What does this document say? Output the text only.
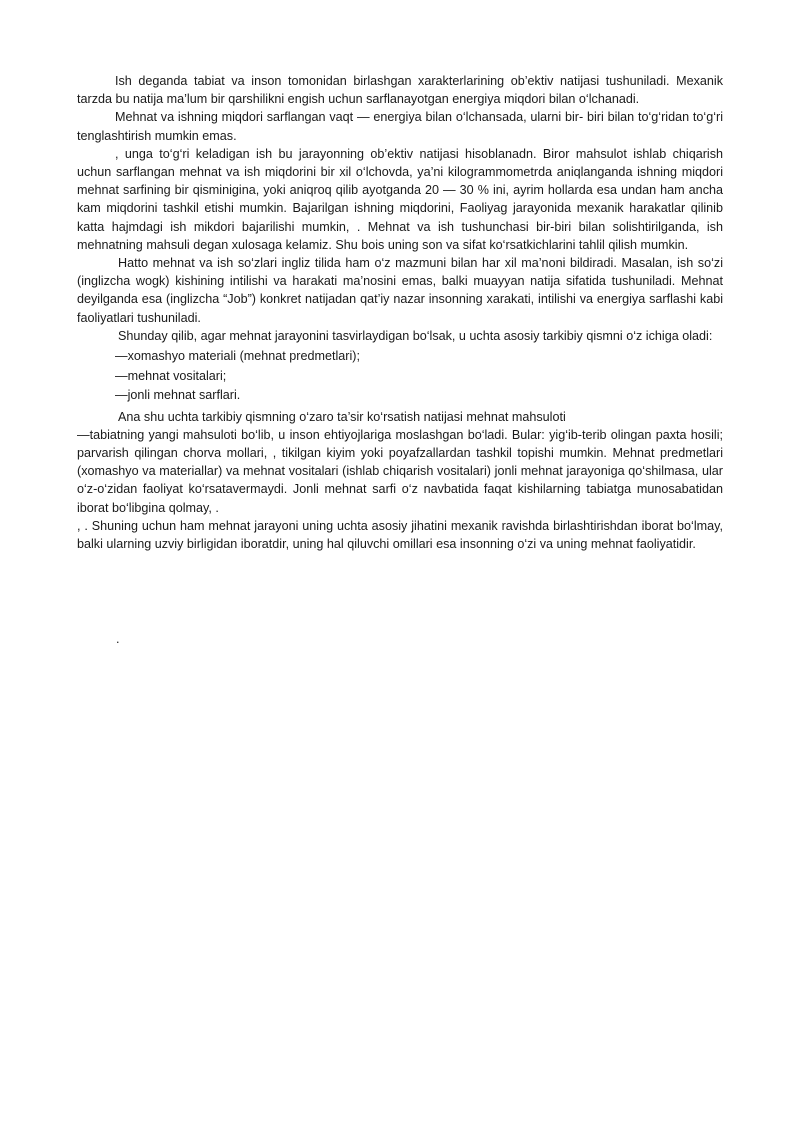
Ish deganda tabiat va inson tomonidan birlashgan xarakterlarining ob’ektiv natijasi tushuniladi. Mexanik tarzda bu natija ma’lum bir qarshilikni engish uchun sarflanayotgan energiya miqdori bilan o‘lchanadi.

Mehnat va ishning miqdori sarflangan vaqt — energiya bilan o‘lchansada, ularni bir- biri bilan to‘g‘ridan to‘g‘ri tenglashtirish mumkin emas.

, unga to‘g‘ri keladigan ish bu jarayonning ob’ektiv natijasi hisoblanadn. Biror mahsulot ishlab chiqarish uchun sarflangan mehnat va ish miqdorini bir xil o‘lchovda, ya’ni kilogrammometrda aniqlanganda ishning miqdori mehnat sarfining bir qisminigina, yoki aniqroq qilib ayotganda 20 — 30 % ini, ayrim hollarda esa undan ham ancha kam miqdorini tashkil etishi mumkin. Bajarilgan ishning miqdorini, Faoliyag jarayonida mexanik harakatlar qilinib katta hajmdagi ish mikdori bajarilishi mumkin, . Mehnat va ish tushunchasi bir-biri bilan solishtirilganda, ish mehnatning mahsuli degan xulosaga kelamiz. Shu bois uning son va sifat ko‘rsatkichlarini tahlil qilish mumkin.

Hatto mehnat va ish so‘zlari ingliz tilida ham o‘z mazmuni bilan har xil ma’noni bildiradi. Masalan, ish so‘zi (inglizcha wogk) kishining intilishi va harakati ma’nosini emas, balki muayyan natija sifatida tushuniladi. Mehnat deyilganda esa (inglizcha “Job”) konkret natijadan qat’iy nazar insonning xarakati, intilishi va energiya sarflashi kabi faoliyatlari tushuniladi.

Shunday qilib, agar mehnat jarayonini tasvirlaydigan bo‘lsak, u uchta asosiy tarkibiy qismni o‘z ichiga oladi:

—xomashyo materiali (mehnat predmetlari);

—mehnat vositalari;

—jonli mehnat sarflari.

Ana shu uchta tarkibiy qismning o‘zaro ta’sir ko‘rsatish natijasi mehnat mahsuloti

—tabiatning yangi mahsuloti bo‘lib, u inson ehtiyojlariga moslashgan bo‘ladi. Bular: yig‘ib-terib olingan paxta hosili; parvarish qilingan chorva mollari, , tikilgan kiyim yoki poyafzallardan tashkil topishi mumkin. Mehnat predmetlari (xomashyo va materiallar) va mehnat vositalari (ishlab chiqarish vositalari) jonli mehnat jarayoniga qo‘shilmasa, ular o‘z-o‘zidan faoliyat ko‘rsatavermaydi. Jonli mehnat sarfi o‘z navbatida faqat kishilarning tabiatga munosabatidan iborat bo‘libgina qolmay, .

, . Shuning uchun ham mehnat jarayoni uning uchta asosiy jihatini mexanik ravishda birlashtirishdan iborat bo‘lmay, balki ularning uzviy birligidan iboratdir, uning hal qiluvchi omillari esa insonning o‘zi va uning mehnat faoliyatidir.

.
